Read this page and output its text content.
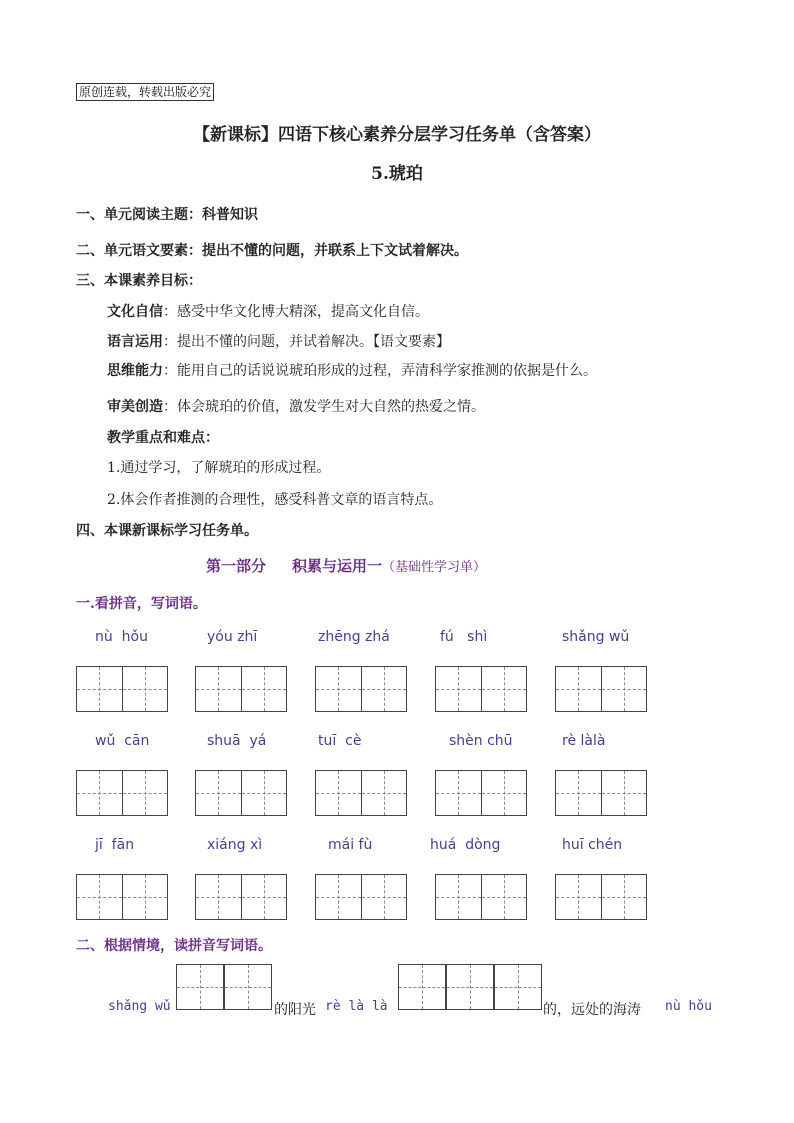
原创连载，转载出版必究
【新课标】四语下核心素养分层学习任务单（含答案）
5.琥珀
一、单元阅读主题：科普知识
二、单元语文要素：提出不懂的问题，并联系上下文试着解决。
三、本课素养目标：
文化自信：感受中华文化博大精深，提高文化自信。
语言运用：提出不懂的问题，并试着解决。【语文要素】
思维能力：能用自己的话说说琥珀形成的过程，弄清科学家推测的依据是什么。
审美创造：体会琥珀的价值，激发学生对大自然的热爱之情。
教学重点和难点：
1.通过学习，了解琥珀的形成过程。
2.体会作者推测的合理性，感受科普文章的语言特点。
四、本课新课标学习任务单。
第一部分 积累与运用一（基础性学习单）
一.看拼音，写词语。
nù  hǒu	yóu zhī	zhēng zhá	fú   shì	shǎng wǔ
wǔ  cān	shuā  yá	tuī  cè	shèn chū	rè làlà
jī  fān	xiáng xì	mái fù	huá  dòng	huī chén
二、根据情境，读拼音写词语。
shǎng wǔ	的阳光 rè là là	的，远处的海涛 nù hǒu
